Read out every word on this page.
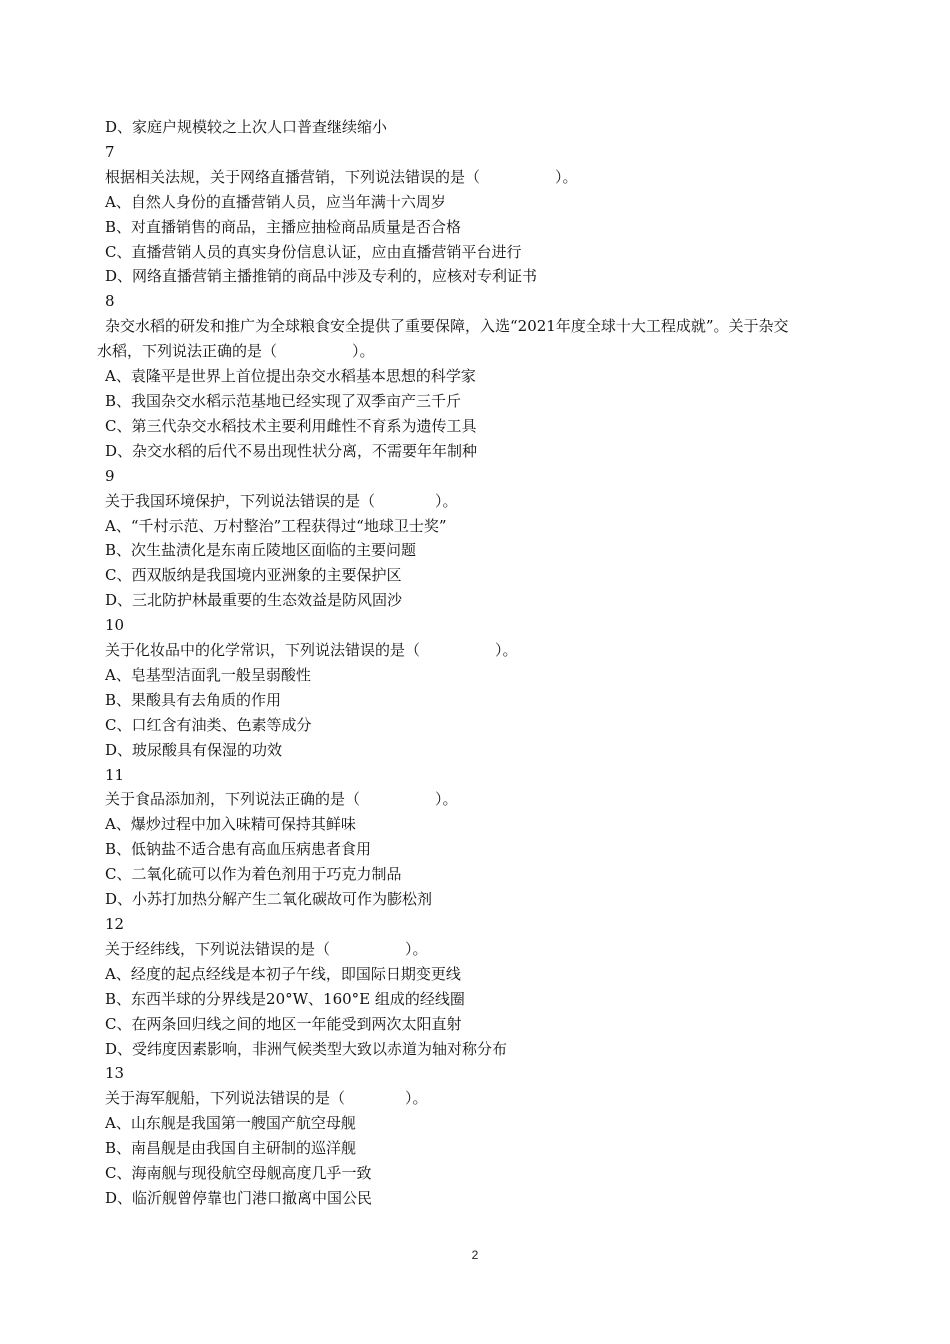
D、家庭户规模较之上次人口普查继续缩小
7
根据相关法规，关于网络直播营销，下列说法错误的是（　　　　　）。
A、自然人身份的直播营销人员，应当年满十六周岁
B、对直播销售的商品，主播应抽检商品质量是否合格
C、直播营销人员的真实身份信息认证，应由直播营销平台进行
D、网络直播营销主播推销的商品中涉及专利的，应核对专利证书
8
杂交水稻的研发和推广为全球粮食安全提供了重要保障，入选“2021年度全球十大工程成就”。关于杂交
水稻，下列说法正确的是（　　　　　）。
A、袁隆平是世界上首位提出杂交水稻基本思想的科学家
B、我国杂交水稻示范基地已经实现了双季亩产三千斤
C、第三代杂交水稻技术主要利用雌性不育系为遗传工具
D、杂交水稻的后代不易出现性状分离，不需要年年制种
9
关于我国环境保护，下列说法错误的是（　　　　）。
A、“千村示范、万村整治”工程获得过“地球卫士奖”
B、次生盐渍化是东南丘陵地区面临的主要问题
C、西双版纳是我国境内亚洲象的主要保护区
D、三北防护林最重要的生态效益是防风固沙
10
关于化妆品中的化学常识，下列说法错误的是（　　　　　）。
A、皂基型洁面乳一般呈弱酸性
B、果酸具有去角质的作用
C、口红含有油类、色素等成分
D、玻尿酸具有保湿的功效
11
关于食品添加剂，下列说法正确的是（　　　　　）。
A、爆炒过程中加入味精可保持其鲜味
B、低钠盐不适合患有高血压病患者食用
C、二氧化硫可以作为着色剂用于巧克力制品
D、小苏打加热分解产生二氧化碳故可作为膨松剂
12
关于经纬线，下列说法错误的是（　　　　　）。
A、经度的起点经线是本初子午线，即国际日期变更线
B、东西半球的分界线是20°W、160°E 组成的经线圈
C、在两条回归线之间的地区一年能受到两次太阳直射
D、受纬度因素影响，非洲气候类型大致以赤道为轴对称分布
13
关于海军舰船，下列说法错误的是（　　　　）。
A、山东舰是我国第一艘国产航空母舰
B、南昌舰是由我国自主研制的巡洋舰
C、海南舰与现役航空母舰高度几乎一致
D、临沂舰曾停靠也门港口撤离中国公民
2
